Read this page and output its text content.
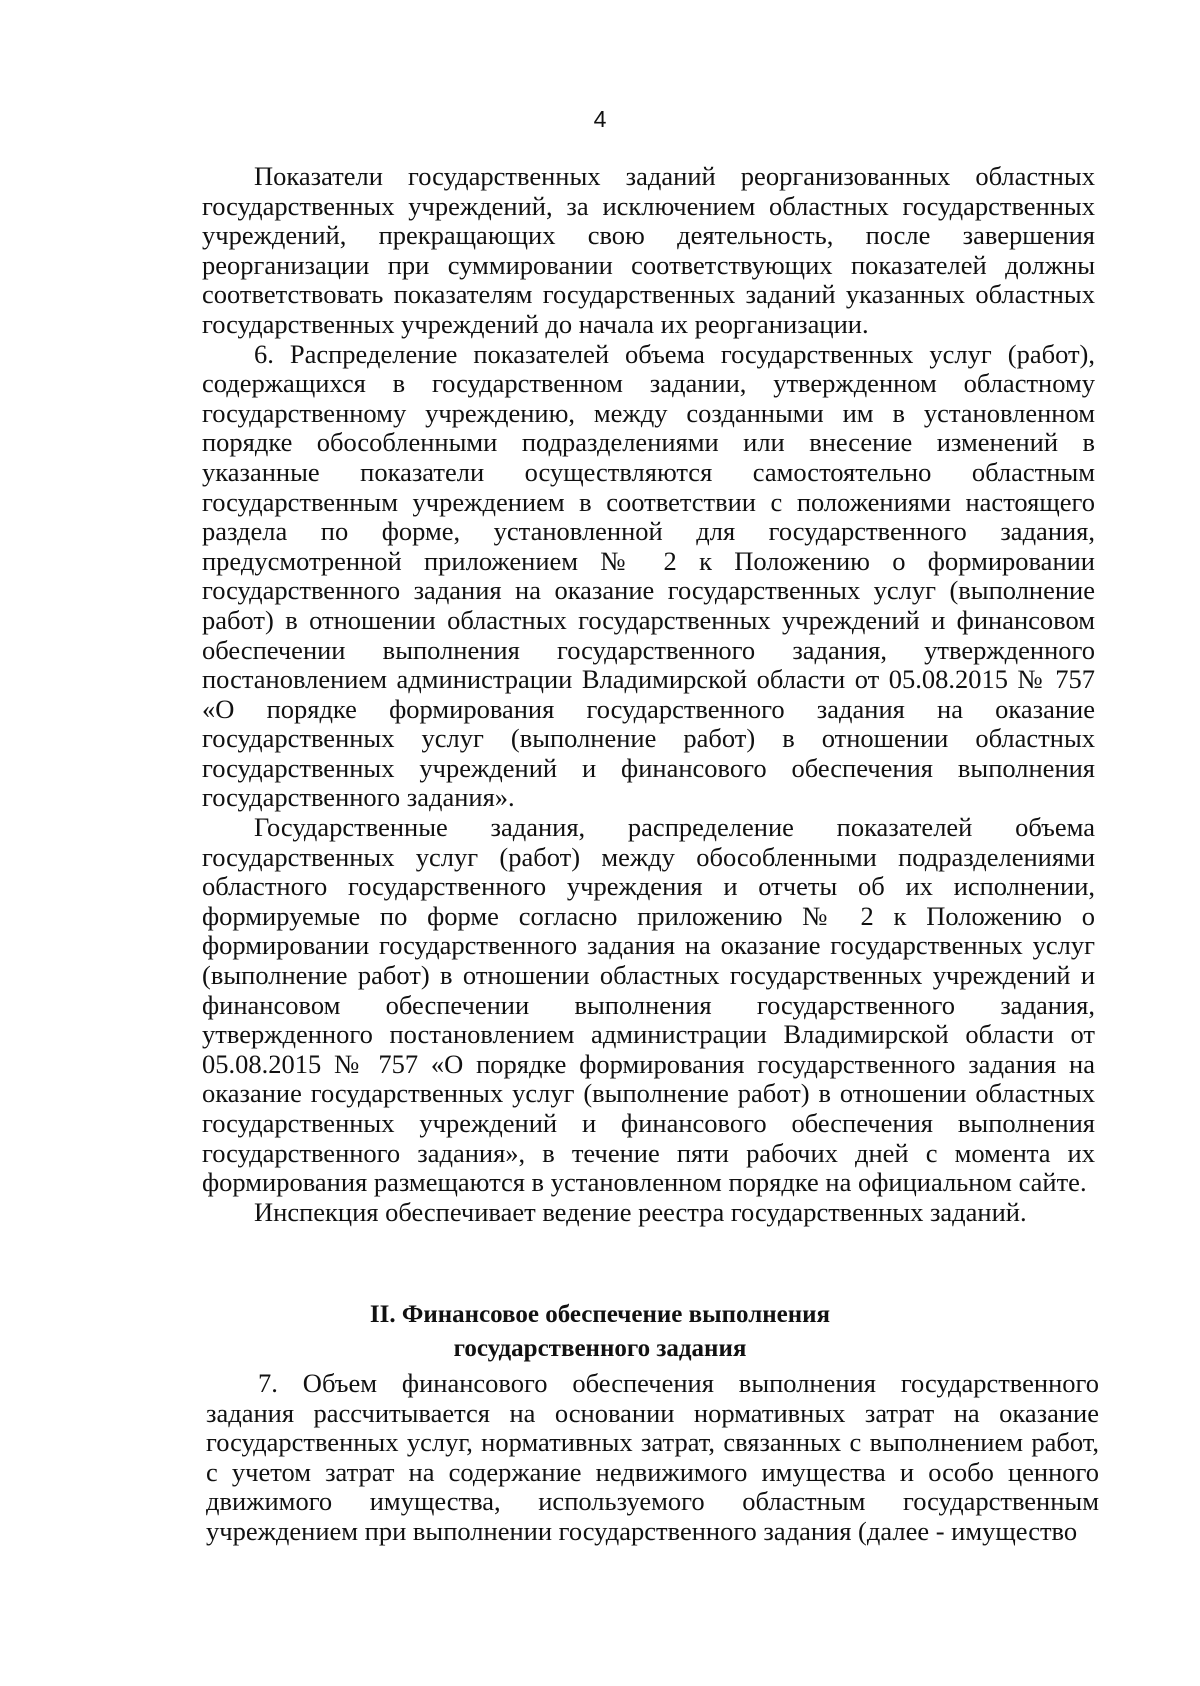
4

Показатели государственных заданий реорганизованных областных государственных учреждений, за исключением областных государственных учреждений, прекращающих свою деятельность, после завершения реорганизации при суммировании соответствующих показателей должны соответствовать показателям государственных заданий указанных областных государственных учреждений до начала их реорганизации.

6. Распределение показателей объема государственных услуг (работ), содержащихся в государственном задании, утвержденном областному государственному учреждению, между созданными им в установленном порядке обособленными подразделениями или внесение изменений в указанные показатели осуществляются самостоятельно областным государственным учреждением в соответствии с положениями настоящего раздела по форме, установленной для государственного задания, предусмотренной приложением № 2 к Положению о формировании государственного задания на оказание государственных услуг (выполнение работ) в отношении областных государственных учреждений и финансовом обеспечении выполнения государственного задания, утвержденного постановлением администрации Владимирской области от 05.08.2015 № 757 «О порядке формирования государственного задания на оказание государственных услуг (выполнение работ) в отношении областных государственных учреждений и финансового обеспечения выполнения государственного задания».

Государственные задания, распределение показателей объема государственных услуг (работ) между обособленными подразделениями областного государственного учреждения и отчеты об их исполнении, формируемые по форме согласно приложению № 2 к Положению о формировании государственного задания на оказание государственных услуг (выполнение работ) в отношении областных государственных учреждений и финансовом обеспечении выполнения государственного задания, утвержденного постановлением администрации Владимирской области от 05.08.2015 № 757 «О порядке формирования государственного задания на оказание государственных услуг (выполнение работ) в отношении областных государственных учреждений и финансового обеспечения выполнения государственного задания», в течение пяти рабочих дней с момента их формирования размещаются в установленном порядке на официальном сайте.

Инспекция обеспечивает ведение реестра государственных заданий.

II. Финансовое обеспечение выполнения
государственного задания

7. Объем финансового обеспечения выполнения государственного задания рассчитывается на основании нормативных затрат на оказание государственных услуг, нормативных затрат, связанных с выполнением работ, с учетом затрат на содержание недвижимого имущества и особо ценного движимого имущества, используемого областным государственным учреждением при выполнении государственного задания (далее - имущество
